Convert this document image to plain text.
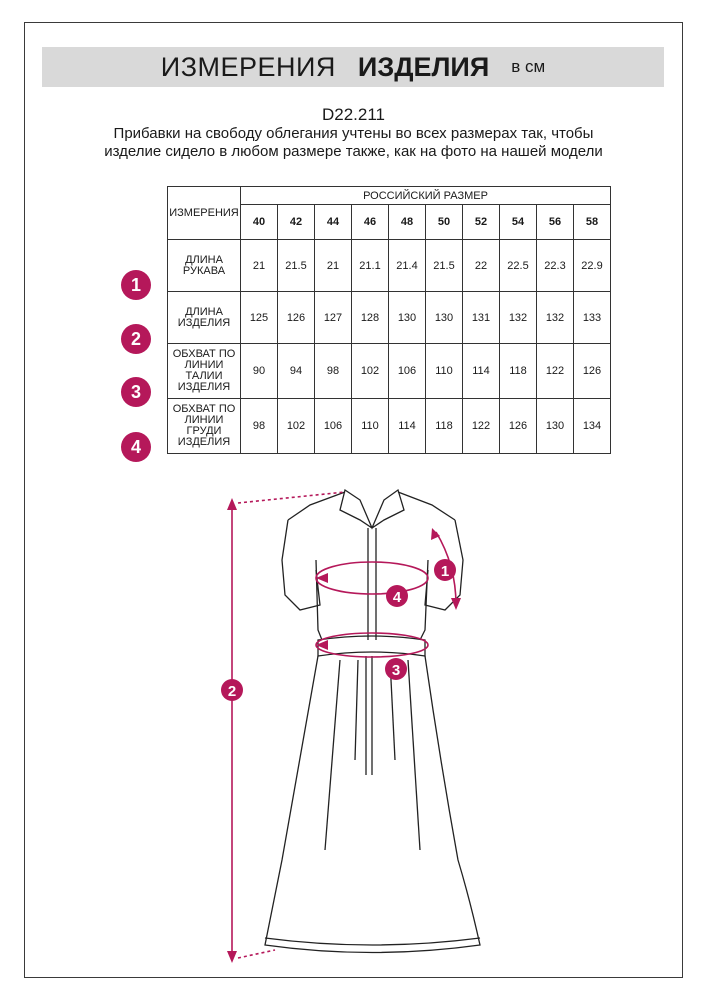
ИЗМЕРЕНИЯ ИЗДЕЛИЯ в см
D22.211
Прибавки на свободу облегания учтены во всех размерах так, чтобы изделие сидело в любом размере также, как на фото на нашей модели
ИЗМЕРЕНИЯ	РОССИЙСКИЙ РАЗМЕР									
	40	42	44	46	48	50	52	54	56	58
ДЛИНА РУКАВА	21	21.5	21	21.1	21.4	21.5	22	22.5	22.3	22.9
ДЛИНА ИЗДЕЛИЯ	125	126	127	128	130	130	131	132	132	133
ОБХВАТ ПО ЛИНИИ ТАЛИИ ИЗДЕЛИЯ	90	94	98	102	106	110	114	118	122	126
ОБХВАТ ПО ЛИНИИ ГРУДИ ИЗДЕЛИЯ	98	102	106	110	114	118	122	126	130	134
1
2
3
4
2
1
4
3
